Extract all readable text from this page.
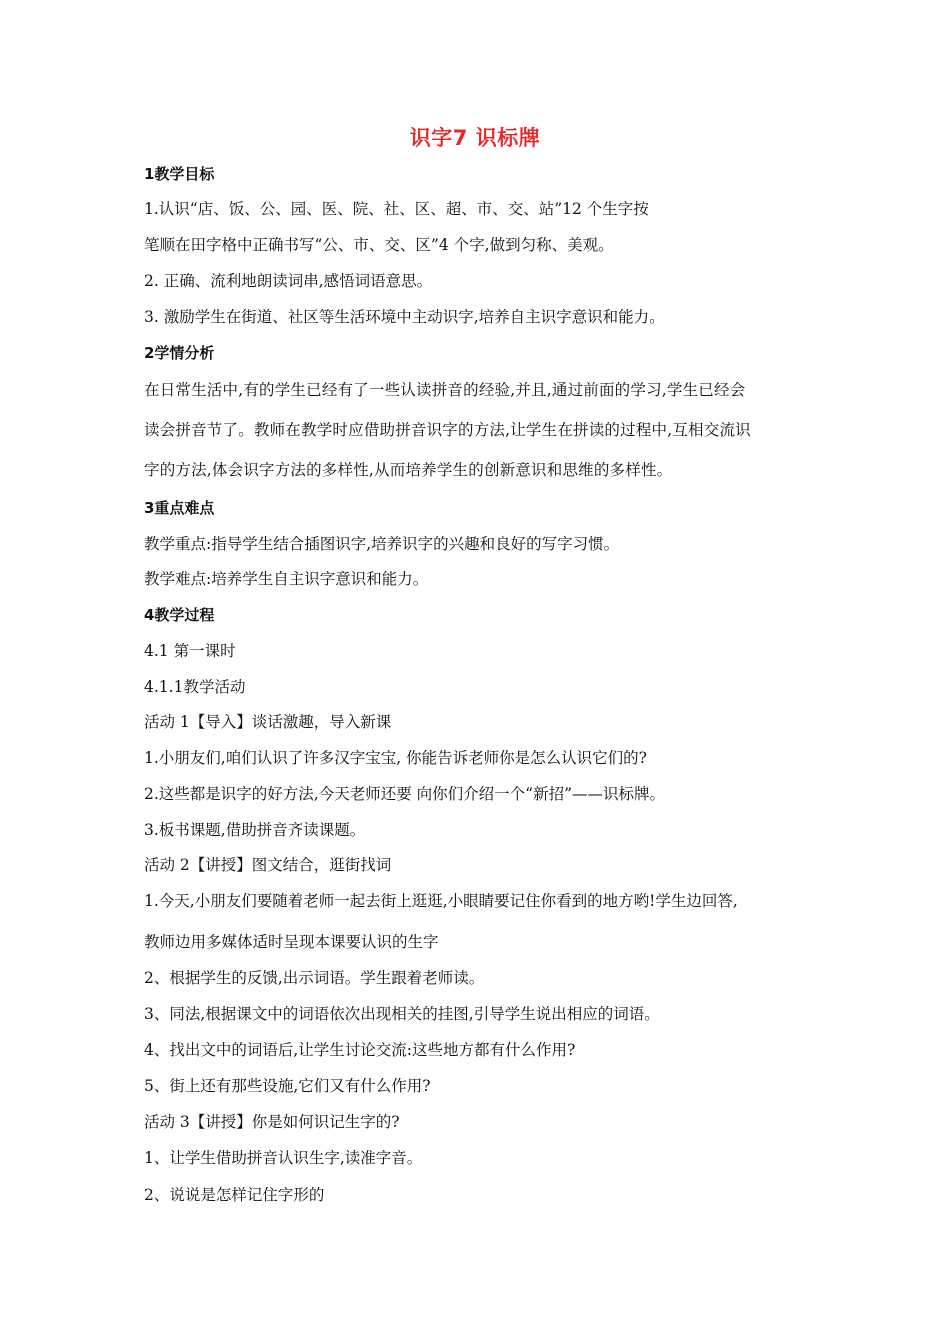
识字7 识标牌
1教学目标
1.认识“店、饭、公、园、医、院、社、区、超、市、交、站”12 个生字按
笔顺在田字格中正确书写“公、市、交、区”4 个字,做到匀称、美观。
2. 正确、流利地朗读词串,感悟词语意思。
3. 激励学生在街道、社区等生活环境中主动识字,培养自主识字意识和能力。
2学情分析
在日常生活中,有的学生已经有了一些认读拼音的经验,并且,通过前面的学习,学生已经会
读会拼音节了。教师在教学时应借助拼音识字的方法,让学生在拼读的过程中,互相交流识
字的方法,体会识字方法的多样性,从而培养学生的创新意识和思维的多样性。
3重点难点
教学重点:指导学生结合插图识字,培养识字的兴趣和良好的写字习惯。
教学难点:培养学生自主识字意识和能力。
4教学过程
4.1 第一课时
4.1.1教学活动
活动 1【导入】谈话激趣，导入新课
1.小朋友们,咱们认识了许多汉字宝宝, 你能告诉老师你是怎么认识它们的?
2.这些都是识字的好方法,今天老师还要 向你们介绍一个“新招”——识标牌。
3.板书课题,借助拼音齐读课题。
活动 2【讲授】图文结合，逛街找词
1.今天,小朋友们要随着老师一起去街上逛逛,小眼睛要记住你看到的地方哟!学生边回答,
教师边用多媒体适时呈现本课要认识的生字
2、根据学生的反馈,出示词语。学生跟着老师读。
3、同法,根据课文中的词语依次出现相关的挂图,引导学生说出相应的词语。
4、找出文中的词语后,让学生讨论交流:这些地方都有什么作用?
5、街上还有那些设施,它们又有什么作用?
活动 3【讲授】你是如何识记生字的?
1、让学生借助拼音认识生字,读准字音。
2、说说是怎样记住字形的
